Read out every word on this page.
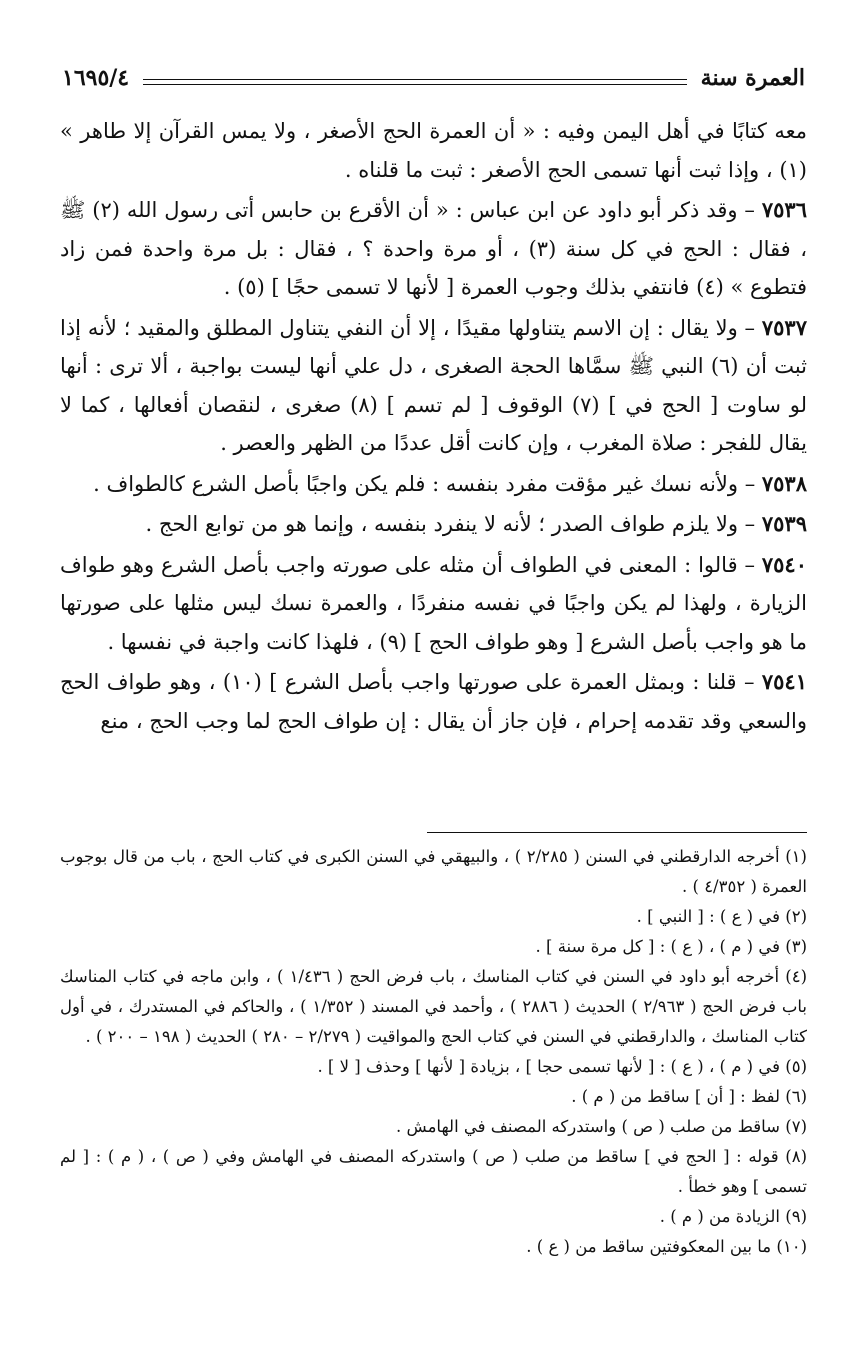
العمرة سنة
١٦٩٥/٤

معه كتابًا في أهل اليمن وفيه : « أن العمرة الحج الأصغر ، ولا يمس القرآن إلا طاهر » (١) ، وإذا ثبت أنها تسمى الحج الأصغر : ثبت ما قلناه .

٧٥٣٦ – وقد ذكر أبو داود عن ابن عباس : « أن الأقرع بن حابس أتى رسول الله (٢) ﷺ ، فقال : الحج في كل سنة (٣) ، أو مرة واحدة ؟ ، فقال : بل مرة واحدة فمن زاد فتطوع » (٤) فانتفي بذلك وجوب العمرة [ لأنها لا تسمى حجًا ] (٥) .

٧٥٣٧ – ولا يقال : إن الاسم يتناولها مقيدًا ، إلا أن النفي يتناول المطلق والمقيد ؛ لأنه إذا ثبت أن (٦) النبي ﷺ سمَّاها الحجة الصغرى ، دل علي أنها ليست بواجبة ، ألا ترى : أنها لو ساوت [ الحج في ] (٧) الوقوف [ لم تسم ] (٨) صغرى ، لنقصان أفعالها ، كما لا يقال للفجر : صلاة المغرب ، وإن كانت أقل عددًا من الظهر والعصر .

٧٥٣٨ – ولأنه نسك غير مؤقت مفرد بنفسه : فلم يكن واجبًا بأصل الشرع كالطواف .

٧٥٣٩ – ولا يلزم طواف الصدر ؛ لأنه لا ينفرد بنفسه ، وإنما هو من توابع الحج .

٧٥٤٠ – قالوا : المعنى في الطواف أن مثله على صورته واجب بأصل الشرع وهو طواف الزيارة ، ولهذا لم يكن واجبًا في نفسه منفردًا ، والعمرة نسك ليس مثلها على صورتها ما هو واجب بأصل الشرع [ وهو طواف الحج ] (٩) ، فلهذا كانت واجبة في نفسها .

٧٥٤١ – قلنا : وبمثل العمرة على صورتها واجب بأصل الشرع ] (١٠) ، وهو طواف الحج والسعي وقد تقدمه إحرام ، فإن جاز أن يقال : إن طواف الحج لما وجب الحج ، منع

(١) أخرجه الدارقطني في السنن ( ٢/٢٨٥ ) ، والبيهقي في السنن الكبرى في كتاب الحج ، باب من قال بوجوب العمرة ( ٤/٣٥٢ ) .

(٢) في ( ع ) : [ النبي ] .

(٣) في ( م ) ، ( ع ) : [ كل مرة سنة ] .

(٤) أخرجه أبو داود في السنن في كتاب المناسك ، باب فرض الحج ( ١/٤٣٦ ) ، وابن ماجه في كتاب المناسك باب فرض الحج ( ٢/٩٦٣ ) الحديث ( ٢٨٨٦ ) ، وأحمد في المسند ( ١/٣٥٢ ) ، والحاكم في المستدرك ، في أول كتاب المناسك ، والدارقطني في السنن في كتاب الحج والمواقيت ( ٢/٢٧٩ – ٢٨٠ ) الحديث ( ١٩٨ – ٢٠٠ ) .

(٥) في ( م ) ، ( ع ) : [ لأنها تسمى حجا ] ، بزيادة [ لأنها ] وحذف [ لا ] .

(٦) لفظ : [ أن ] ساقط من ( م ) .

(٧) ساقط من صلب ( ص ) واستدركه المصنف في الهامش .

(٨) قوله : [ الحج في ] ساقط من صلب ( ص ) واستدركه المصنف في الهامش وفي ( ص ) ، ( م ) : [ لم تسمى ] وهو خطأ .

(٩) الزيادة من ( م ) .

(١٠) ما بين المعكوفتين ساقط من ( ع ) .
